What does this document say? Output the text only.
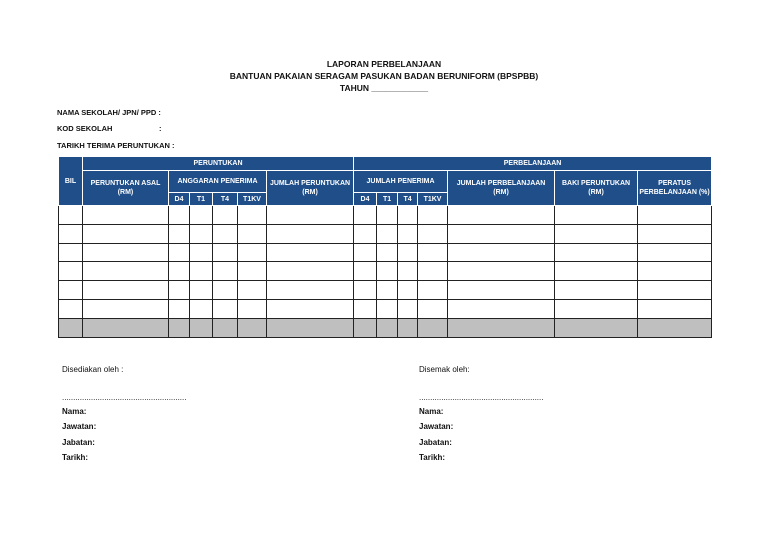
LAPORAN PERBELANJAAN
BANTUAN PAKAIAN SERAGAM PASUKAN BADAN BERUNIFORM (BPSPBB)
TAHUN ____________
NAMA SEKOLAH/ JPN/ PPD :
KOD SEKOLAH	:
TARIKH TERIMA PERUNTUKAN :
BIL	PERUNTUKAN						PERBELANJAAN						
	PERUNTUKAN ASAL (RM)	ANGGARAN PENERIMA				JUMLAH PERUNTUKAN (RM)	JUMLAH PENERIMA				JUMLAH PERBELANJAAN (RM)	BAKI PERUNTUKAN (RM)	PERATUS PERBELANJAAN (%)
		D4	T1	T4	T1KV		D4	T1	T4	T1KV			

Disediakan oleh :
........................................................
Nama:
Jawatan:
Jabatan:
Tarikh:
Disemak oleh:
........................................................
Nama:
Jawatan:
Jabatan:
Tarikh:
